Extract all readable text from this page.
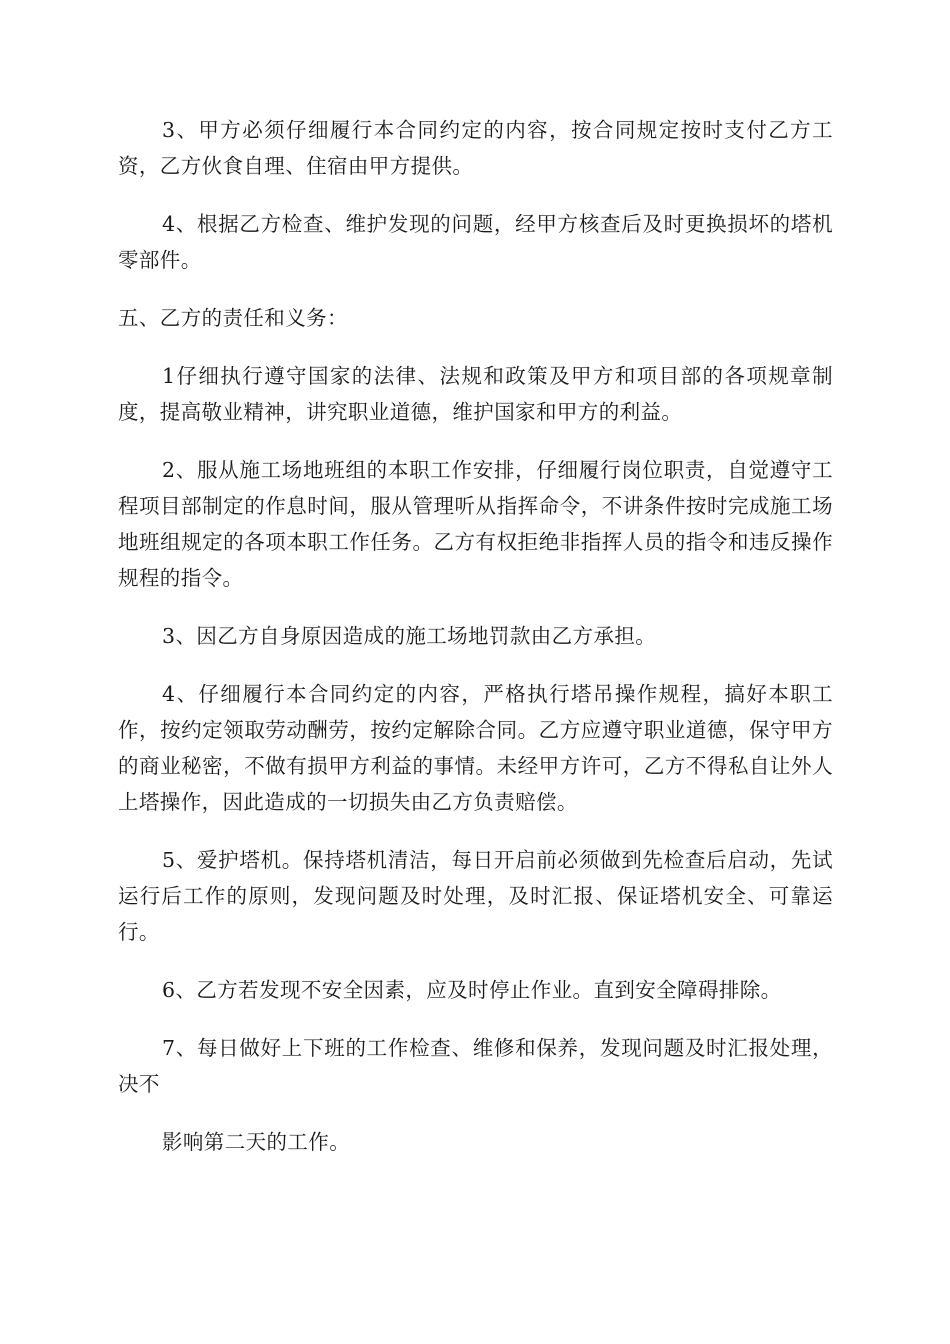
3、甲方必须仔细履行本合同约定的内容，按合同规定按时支付乙方工资，乙方伙食自理、住宿由甲方提供。

4、根据乙方检查、维护发现的问题，经甲方核查后及时更换损坏的塔机零部件。

五、乙方的责任和义务：

1仔细执行遵守国家的法律、法规和政策及甲方和项目部的各项规章制度，提高敬业精神，讲究职业道德，维护国家和甲方的利益。

2、服从施工场地班组的本职工作安排，仔细履行岗位职责，自觉遵守工程项目部制定的作息时间，服从管理听从指挥命令，不讲条件按时完成施工场地班组规定的各项本职工作任务。乙方有权拒绝非指挥人员的指令和违反操作规程的指令。

3、因乙方自身原因造成的施工场地罚款由乙方承担。

4、仔细履行本合同约定的内容，严格执行塔吊操作规程，搞好本职工作，按约定领取劳动酬劳，按约定解除合同。乙方应遵守职业道德，保守甲方的商业秘密，不做有损甲方利益的事情。未经甲方许可，乙方不得私自让外人上塔操作，因此造成的一切损失由乙方负责赔偿。

5、爱护塔机。保持塔机清洁，每日开启前必须做到先检查后启动，先试运行后工作的原则，发现问题及时处理，及时汇报、保证塔机安全、可靠运行。

6、乙方若发现不安全因素，应及时停止作业。直到安全障碍排除。

7、每日做好上下班的工作检查、维修和保养，发现问题及时汇报处理，决不

影响第二天的工作。
